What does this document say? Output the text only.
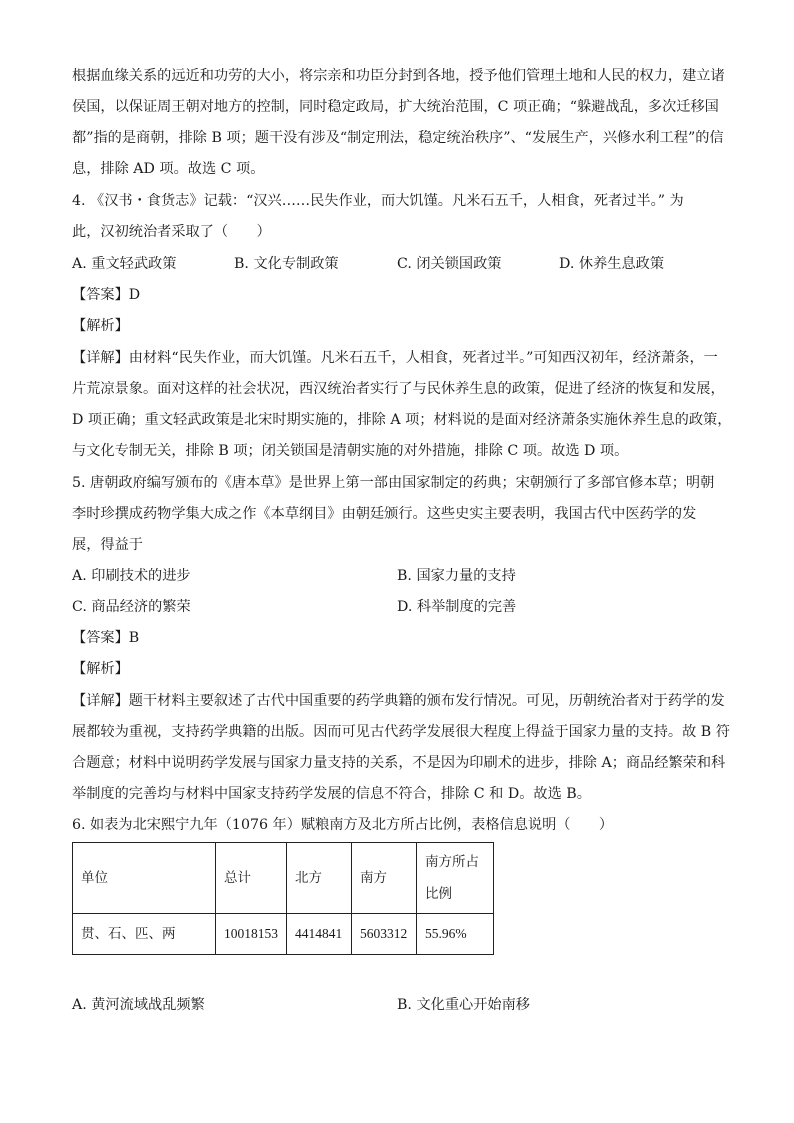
根据血缘关系的远近和功劳的大小，将宗亲和功臣分封到各地，授予他们管理土地和人民的权力，建立诸
侯国，以保证周王朝对地方的控制，同时稳定政局，扩大统治范围，C 项正确；“躲避战乱，多次迁移国
都”指的是商朝，排除 B 项；题干没有涉及“制定刑法，稳定统治秩序”、“发展生产，兴修水利工程”的信
息，排除 AD 项。故选 C 项。
4. 《汉书・食货志》记载：“汉兴……民失作业，而大饥馑。凡米石五千，人相食，死者过半。” 为
此，汉初统治者采取了（　　）
A. 重文轻武政策	B. 文化专制政策	C. 闭关锁国政策	D. 休养生息政策
【答案】D
【解析】
【详解】由材料“民失作业，而大饥馑。凡米石五千，人相食，死者过半。”可知西汉初年，经济萧条，一
片荒凉景象。面对这样的社会状况，西汉统治者实行了与民休养生息的政策，促进了经济的恢复和发展，
D 项正确；重文轻武政策是北宋时期实施的，排除 A 项；材料说的是面对经济萧条实施休养生息的政策，
与文化专制无关，排除 B 项；闭关锁国是清朝实施的对外措施，排除 C 项。故选 D 项。
5. 唐朝政府编写颁布的《唐本草》是世界上第一部由国家制定的药典；宋朝颁行了多部官修本草；明朝
李时珍撰成药物学集大成之作《本草纲目》由朝廷颁行。这些史实主要表明，我国古代中医药学的发
展，得益于
A. 印刷技术的进步	B. 国家力量的支持
C. 商品经济的繁荣	D. 科举制度的完善
【答案】B
【解析】
【详解】题干材料主要叙述了古代中国重要的药学典籍的颁布发行情况。可见，历朝统治者对于药学的发
展都较为重视，支持药学典籍的出版。因而可见古代药学发展很大程度上得益于国家力量的支持。故 B 符
合题意；材料中说明药学发展与国家力量支持的关系，不是因为印刷术的进步，排除 A；商品经繁荣和科
举制度的完善均与材料中国家支持药学发展的信息不符合，排除 C 和 D。故选 B。
6. 如表为北宋熙宁九年（1076 年）赋粮南方及北方所占比例，表格信息说明（　　）
单位	总计	北方	南方	南方所占
比例
贯、石、匹、两	10018153	4414841	5603312	55.96%
A. 黄河流域战乱频繁	B. 文化重心开始南移
